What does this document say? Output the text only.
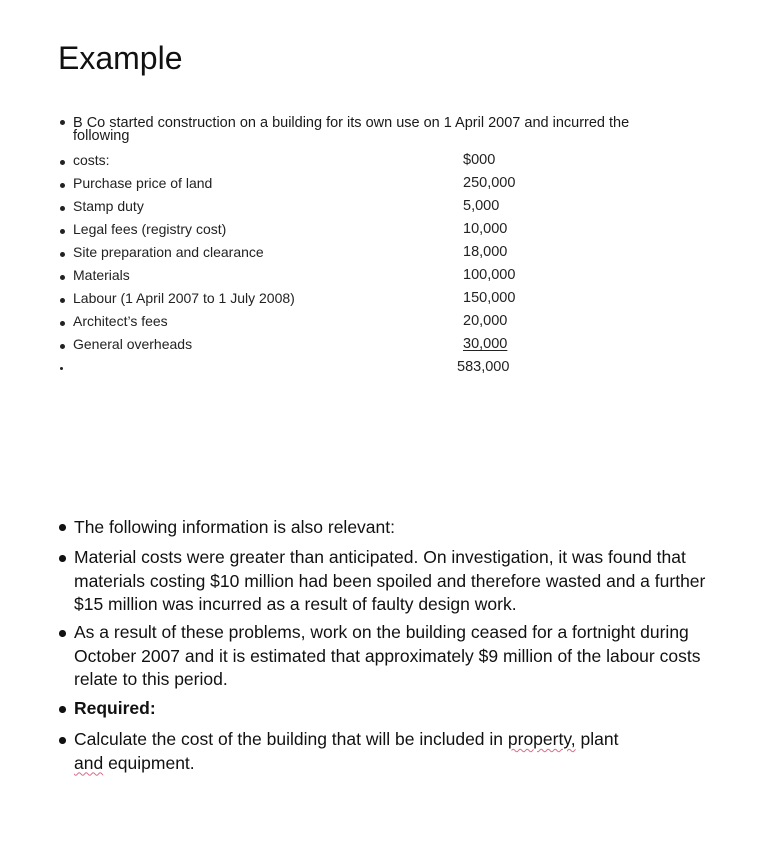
Example
B Co started construction on a building for its own use on 1 April 2007 and incurred the
following
costs:	$000
Purchase price of land	250,000
Stamp duty	5,000
Legal fees (registry cost)	10,000
Site preparation and clearance	18,000
Materials	100,000
Labour (1 April 2007 to 1 July 2008)	150,000
Architect’s fees	20,000
General overheads	30,000
583,000
The following information is also relevant:
Material costs were greater than anticipated. On investigation, it was found that materials costing $10 million had been spoiled and therefore wasted and a further $15 million was incurred as a result of faulty design work.
As a result of these problems, work on the building ceased for a fortnight during October 2007 and it is estimated that approximately $9 million of the labour costs relate to this period.
Required:
Calculate the cost of the building that will be included in property, plant
and equipment.
